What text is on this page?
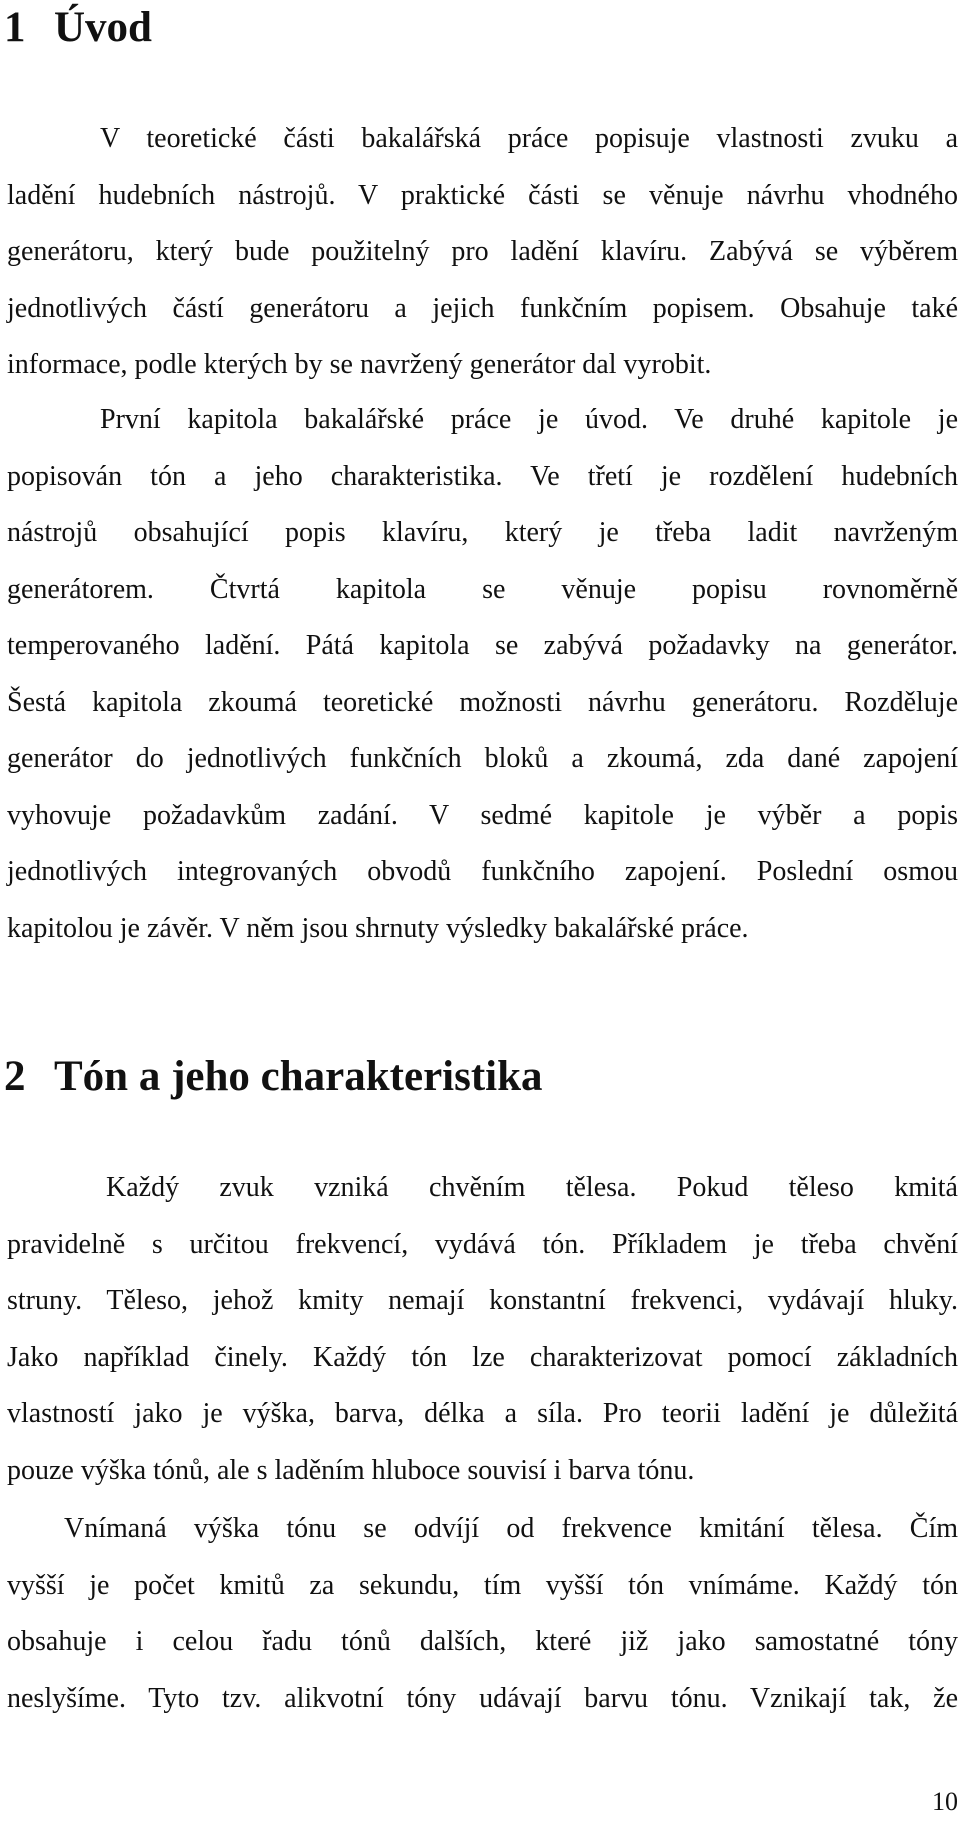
1 Úvod
V teoretické části bakalářská práce popisuje vlastnosti zvuku a
ladění hudebních nástrojů. V praktické části se věnuje návrhu vhodného
generátoru, který bude použitelný pro ladění klavíru. Zabývá se výběrem
jednotlivých částí generátoru a jejich funkčním popisem. Obsahuje také
informace, podle kterých by se navržený generátor dal vyrobit.
První kapitola bakalářské práce je úvod. Ve druhé kapitole je
popisován tón a jeho charakteristika. Ve třetí je rozdělení hudebních
nástrojů obsahující popis klavíru, který je třeba ladit navrženým
generátorem. Čtvrtá kapitola se věnuje popisu rovnoměrně
temperovaného ladění. Pátá kapitola se zabývá požadavky na generátor.
Šestá kapitola zkoumá teoretické možnosti návrhu generátoru. Rozděluje
generátor do jednotlivých funkčních bloků a zkoumá, zda dané zapojení
vyhovuje požadavkům zadání. V sedmé kapitole je výběr a popis
jednotlivých integrovaných obvodů funkčního zapojení. Poslední osmou
kapitolou je závěr. V něm jsou shrnuty výsledky bakalářské práce.
2 Tón a jeho charakteristika
Každý zvuk vzniká chvěním tělesa. Pokud těleso kmitá
pravidelně s určitou frekvencí, vydává tón. Příkladem je třeba chvění
struny. Těleso, jehož kmity nemají konstantní frekvenci, vydávají hluky.
Jako například činely. Každý tón lze charakterizovat pomocí základních
vlastností jako je výška, barva, délka a síla. Pro teorii ladění je důležitá
pouze výška tónů, ale s laděním hluboce souvisí i barva tónu.
Vnímaná výška tónu se odvíjí od frekvence kmitání tělesa. Čím
vyšší je počet kmitů za sekundu, tím vyšší tón vnímáme. Každý tón
obsahuje i celou řadu tónů dalších, které již jako samostatné tóny
neslyšíme. Tyto tzv. alikvotní tóny udávají barvu tónu. Vznikají tak, že
10
